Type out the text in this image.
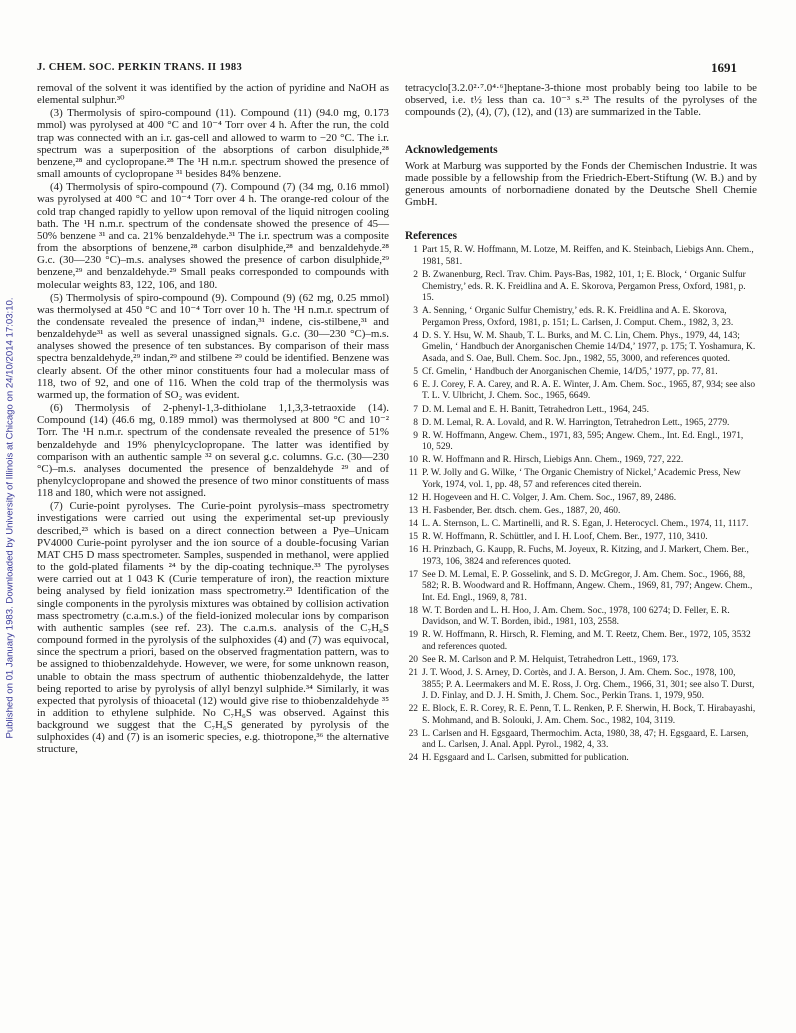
J. CHEM. SOC. PERKIN TRANS. II 1983	1691
Published on 01 January 1983. Downloaded by University of Illinois at Chicago on 24/10/2014 17:03:10.

removal of the solvent it was identified by the action of pyridine and NaOH as elemental sulphur.³⁰

(3) Thermolysis of spiro-compound (11). Compound (11) (94.0 mg, 0.173 mmol) was pyrolysed at 400 °C and 10⁻⁴ Torr over 4 h. After the run, the cold trap was connected with an i.r. gas-cell and allowed to warm to −20 °C. The i.r. spectrum was a superposition of the absorptions of carbon disulphide,²⁸ benzene,²⁸ and cyclopropane.²⁸ The ¹H n.m.r. spectrum showed the presence of small amounts of cyclopropane ³¹ besides 84% benzene.

(4) Thermolysis of spiro-compound (7). Compound (7) (34 mg, 0.16 mmol) was pyrolysed at 400 °C and 10⁻⁴ Torr over 4 h. The orange-red colour of the cold trap changed rapidly to yellow upon removal of the liquid nitrogen cooling bath. The ¹H n.m.r. spectrum of the condensate showed the presence of 45—50% benzene ³¹ and ca. 21% benzaldehyde.³¹ The i.r. spectrum was a composite from the absorptions of benzene,²⁸ carbon disulphide,²⁸ and benzaldehyde.²⁸ G.c. (30—230 °C)–m.s. analyses showed the presence of carbon disulphide,²⁹ benzene,²⁹ and benzaldehyde.²⁹ Small peaks corresponded to compounds with molecular weights 83, 122, 106, and 180.

(5) Thermolysis of spiro-compound (9). Compound (9) (62 mg, 0.25 mmol) was thermolysed at 450 °C and 10⁻⁴ Torr over 10 h. The ¹H n.m.r. spectrum of the condensate revealed the presence of indan,³¹ indene, cis-stilbene,³¹ and benzaldehyde³¹ as well as several unassigned signals. G.c. (30—230 °C)–m.s. analyses showed the presence of ten substances. By comparison of their mass spectra benzaldehyde,²⁹ indan,²⁹ and stilbene ²⁹ could be identified. Benzene was clearly absent. Of the other minor constituents four had a molecular mass of 118, two of 92, and one of 116. When the cold trap of the thermolysis was warmed up, the formation of SO₂ was evident.

(6) Thermolysis of 2-phenyl-1,3-dithiolane 1,1,3,3-tetraoxide (14). Compound (14) (46.6 mg, 0.189 mmol) was thermolysed at 800 °C and 10⁻² Torr. The ¹H n.m.r. spectrum of the condensate revealed the presence of 51% benzaldehyde and 19% phenylcyclopropane. The latter was identified by comparison with an authentic sample ³² on several g.c. columns. G.c. (30—230 °C)–m.s. analyses documented the presence of benzaldehyde ²⁹ and of phenylcyclopropane and showed the presence of two minor constituents of mass 118 and 180, which were not assigned.

(7) Curie-point pyrolyses. The Curie-point pyrolysis–mass spectrometry investigations were carried out using the experimental set-up previously described,²³ which is based on a direct connection between a Pye–Unicam PV4000 Curie-point pyrolyser and the ion source of a double-focusing Varian MAT CH5 D mass spectrometer. Samples, suspended in methanol, were applied to the gold-plated filaments ²⁴ by the dip-coating technique.³³ The pyrolyses were carried out at 1 043 K (Curie temperature of iron), the reaction mixture being analysed by field ionization mass spectrometry.²³ Identification of the single components in the pyrolysis mixtures was obtained by collision activation mass spectrometry (c.a.m.s.) of the field-ionized molecular ions by comparison with authentic samples (see ref. 23). The c.a.m.s. analysis of the C₇H₆S compound formed in the pyrolysis of the sulphoxides (4) and (7) was equivocal, since the spectrum a priori, based on the observed fragmentation pattern, was to be assigned to thiobenzaldehyde. However, we were, for some unknown reason, unable to obtain the mass spectrum of authentic thiobenzaldehyde, the latter being reported to arise by pyrolysis of allyl benzyl sulphide.³⁴ Similarly, it was expected that pyrolysis of thioacetal (12) would give rise to thiobenzaldehyde ³⁵ in addition to ethylene sulphide. No C₇H₆S was observed. Against this background we suggest that the C₇H₆S generated by pyrolysis of the sulphoxides (4) and (7) is an isomeric species, e.g. thiotropone,³⁶ the alternative structure,

tetracyclo[3.2.0²·⁷.0⁴·⁶]heptane-3-thione most probably being too labile to be observed, i.e. t½ less than ca. 10⁻³ s.²³ The results of the pyrolyses of the compounds (2), (4), (7), (12), and (13) are summarized in the Table.

Acknowledgements

Work at Marburg was supported by the Fonds der Chemischen Industrie. It was made possible by a fellowship from the Friedrich-Ebert-Stiftung (W. B.) and by generous amounts of norbornadiene donated by the Deutsche Shell Chemie GmbH.

References
1 Part 15, R. W. Hoffmann, M. Lotze, M. Reiffen, and K. Steinbach, Liebigs Ann. Chem., 1981, 581.
2 B. Zwanenburg, Recl. Trav. Chim. Pays-Bas, 1982, 101, 1; E. Block, ‘ Organic Sulfur Chemistry,’ eds. R. K. Freidlina and A. E. Skorova, Pergamon Press, Oxford, 1981, p. 15.
3 A. Senning, ‘ Organic Sulfur Chemistry,’ eds. R. K. Freidlina and A. E. Skorova, Pergamon Press, Oxford, 1981, p. 151; L. Carlsen, J. Comput. Chem., 1982, 3, 23.
4 D. S. Y. Hsu, W. M. Shaub, T. L. Burks, and M. C. Lin, Chem. Phys., 1979, 44, 143; Gmelin, ‘ Handbuch der Anorganischen Chemie 14/D4,’ 1977, p. 175; T. Yoshamura, K. Asada, and S. Oae, Bull. Chem. Soc. Jpn., 1982, 55, 3000, and references quoted.
5 Cf. Gmelin, ‘ Handbuch der Anorganischen Chemie, 14/D5,’ 1977, pp. 77, 81.
6 E. J. Corey, F. A. Carey, and R. A. E. Winter, J. Am. Chem. Soc., 1965, 87, 934; see also T. L. V. Ulbricht, J. Chem. Soc., 1965, 6649.
7 D. M. Lemal and E. H. Banitt, Tetrahedron Lett., 1964, 245.
8 D. M. Lemal, R. A. Lovald, and R. W. Harrington, Tetrahedron Lett., 1965, 2779.
9 R. W. Hoffmann, Angew. Chem., 1971, 83, 595; Angew. Chem., Int. Ed. Engl., 1971, 10, 529.
10 R. W. Hoffmann and R. Hirsch, Liebigs Ann. Chem., 1969, 727, 222.
11 P. W. Jolly and G. Wilke, ‘ The Organic Chemistry of Nickel,’ Academic Press, New York, 1974, vol. 1, pp. 48, 57 and references cited therein.
12 H. Hogeveen and H. C. Volger, J. Am. Chem. Soc., 1967, 89, 2486.
13 H. Fasbender, Ber. dtsch. chem. Ges., 1887, 20, 460.
14 L. A. Sternson, L. C. Martinelli, and R. S. Egan, J. Heterocycl. Chem., 1974, 11, 1117.
15 R. W. Hoffmann, R. Schüttler, and I. H. Loof, Chem. Ber., 1977, 110, 3410.
16 H. Prinzbach, G. Kaupp, R. Fuchs, M. Joyeux, R. Kitzing, and J. Markert, Chem. Ber., 1973, 106, 3824 and references quoted.
17 See D. M. Lemal, E. P. Gosselink, and S. D. McGregor, J. Am. Chem. Soc., 1966, 88, 582; R. B. Woodward and R. Hoffmann, Angew. Chem., 1969, 81, 797; Angew. Chem., Int. Ed. Engl., 1969, 8, 781.
18 W. T. Borden and L. H. Hoo, J. Am. Chem. Soc., 1978, 100 6274; D. Feller, E. R. Davidson, and W. T. Borden, ibid., 1981, 103, 2558.
19 R. W. Hoffmann, R. Hirsch, R. Fleming, and M. T. Reetz, Chem. Ber., 1972, 105, 3532 and references quoted.
20 See R. M. Carlson and P. M. Helquist, Tetrahedron Lett., 1969, 173.
21 J. T. Wood, J. S. Arney, D. Cortès, and J. A. Berson, J. Am. Chem. Soc., 1978, 100, 3855; P. A. Leermakers and M. E. Ross, J. Org. Chem., 1966, 31, 301; see also T. Durst, J. D. Finlay, and D. J. H. Smith, J. Chem. Soc., Perkin Trans. 1, 1979, 950.
22 E. Block, E. R. Corey, R. E. Penn, T. L. Renken, P. F. Sherwin, H. Bock, T. Hirabayashi, S. Mohmand, and B. Solouki, J. Am. Chem. Soc., 1982, 104, 3119.
23 L. Carlsen and H. Egsgaard, Thermochim. Acta, 1980, 38, 47; H. Egsgaard, E. Larsen, and L. Carlsen, J. Anal. Appl. Pyrol., 1982, 4, 33.
24 H. Egsgaard and L. Carlsen, submitted for publication.
